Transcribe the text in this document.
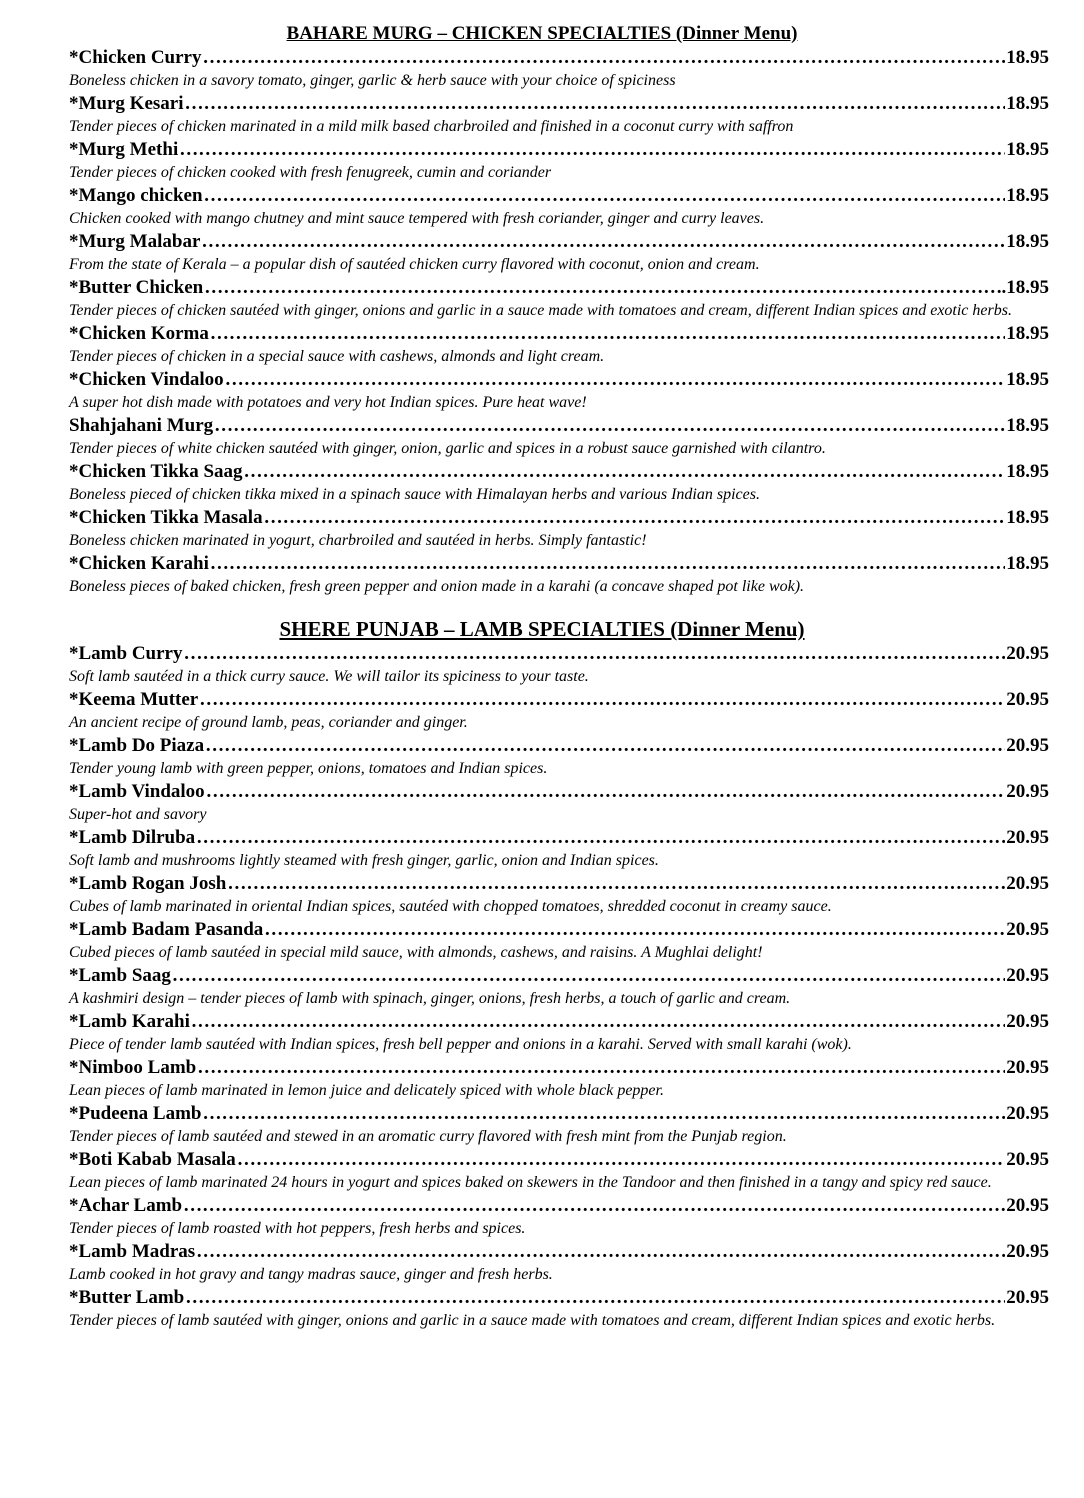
BAHARE MURG – CHICKEN SPECIALTIES (Dinner Menu)
*Chicken Curry ………………………………………………………………………………………………………………………………………………………………………………………………	18.95

Boneless chicken in a savory tomato, ginger, garlic & herb sauce with your choice of spiciness

*Murg Kesari ………………………………………………………………………………………………………………………………………………………………………………………………	18.95

Tender pieces of chicken marinated in a mild milk based charbroiled and finished in a coconut curry with saffron

*Murg Methi ………………………………………………………………………………………………………………………………………………………………………………………………	18.95

Tender pieces of chicken cooked with fresh fenugreek, cumin and coriander

*Mango chicken ………………………………………………………………………………………………………………………………………………………………………………………………	18.95

Chicken cooked with mango chutney and mint sauce tempered with fresh coriander, ginger and curry leaves.

*Murg Malabar ………………………………………………………………………………………………………………………………………………………………………………………………	18.95

From the state of Kerala – a popular dish of sautéed chicken curry flavored with coconut, onion and cream.

*Butter Chicken ………………………………………………………………………………………………………………………………………………………………………………………………	.18.95

Tender pieces of chicken sautéed with ginger, onions and garlic in a sauce made with tomatoes and cream, different Indian spices and exotic herbs.

*Chicken Korma ………………………………………………………………………………………………………………………………………………………………………………………………	18.95

Tender pieces of chicken in a special sauce with cashews, almonds and light cream.

*Chicken Vindaloo ………………………………………………………………………………………………………………………………………………………………………………………………	18.95

A super hot dish made with potatoes and very hot Indian spices. Pure heat wave!

Shahjahani Murg ………………………………………………………………………………………………………………………………………………………………………………………………	18.95

Tender pieces of white chicken sautéed with ginger, onion, garlic and spices in a robust sauce garnished with cilantro.

*Chicken Tikka Saag ………………………………………………………………………………………………………………………………………………………………………………………………	18.95

Boneless pieced of chicken tikka mixed in a spinach sauce with Himalayan herbs and various Indian spices.

*Chicken Tikka Masala ………………………………………………………………………………………………………………………………………………………………………………………………	18.95

Boneless chicken marinated in yogurt, charbroiled and sautéed in herbs. Simply fantastic!

*Chicken Karahi ………………………………………………………………………………………………………………………………………………………………………………………………	18.95

Boneless pieces of baked chicken, fresh green pepper and onion made in a karahi (a concave shaped pot like wok).

SHERE PUNJAB – LAMB SPECIALTIES (Dinner Menu)
*Lamb Curry ………………………………………………………………………………………………………………………………………………………………………………………………	20.95

Soft lamb sautéed in a thick curry sauce. We will tailor its spiciness to your taste.

*Keema Mutter ………………………………………………………………………………………………………………………………………………………………………………………………	20.95

An ancient recipe of ground lamb, peas, coriander and ginger.

*Lamb Do Piaza ………………………………………………………………………………………………………………………………………………………………………………………………	20.95

Tender young lamb with green pepper, onions, tomatoes and Indian spices.

*Lamb Vindaloo ………………………………………………………………………………………………………………………………………………………………………………………………	20.95

Super-hot and savory

*Lamb Dilruba ………………………………………………………………………………………………………………………………………………………………………………………………	20.95

Soft lamb and mushrooms lightly steamed with fresh ginger, garlic, onion and Indian spices.

*Lamb Rogan Josh ………………………………………………………………………………………………………………………………………………………………………………………………	20.95

Cubes of lamb marinated in oriental Indian spices, sautéed with chopped tomatoes, shredded coconut in creamy sauce.

*Lamb Badam Pasanda ………………………………………………………………………………………………………………………………………………………………………………………………	20.95

Cubed pieces of lamb sautéed in special mild sauce, with almonds, cashews, and raisins. A Mughlai delight!

*Lamb Saag ………………………………………………………………………………………………………………………………………………………………………………………………	20.95

A kashmiri design – tender pieces of lamb with spinach, ginger, onions, fresh herbs, a touch of garlic and cream.

*Lamb Karahi ………………………………………………………………………………………………………………………………………………………………………………………………	20.95

Piece of tender lamb sautéed with Indian spices, fresh bell pepper and onions in a karahi. Served with small karahi (wok).

*Nimboo Lamb ………………………………………………………………………………………………………………………………………………………………………………………………	20.95

Lean pieces of lamb marinated in lemon juice and delicately spiced with whole black pepper.

*Pudeena Lamb ………………………………………………………………………………………………………………………………………………………………………………………………	20.95

Tender pieces of lamb sautéed and stewed in an aromatic curry flavored with fresh mint from the Punjab region.

*Boti Kabab Masala ………………………………………………………………………………………………………………………………………………………………………………………………	20.95

Lean pieces of lamb marinated 24 hours in yogurt and spices baked on skewers in the Tandoor and then finished in a tangy and spicy red sauce.

*Achar Lamb ………………………………………………………………………………………………………………………………………………………………………………………………	20.95

Tender pieces of lamb roasted with hot peppers, fresh herbs and spices.

*Lamb Madras ………………………………………………………………………………………………………………………………………………………………………………………………	20.95

Lamb cooked in hot gravy and tangy madras sauce, ginger and fresh herbs.

*Butter Lamb ………………………………………………………………………………………………………………………………………………………………………………………………	20.95

Tender pieces of lamb sautéed with ginger, onions and garlic in a sauce made with tomatoes and cream, different Indian spices and exotic herbs.
